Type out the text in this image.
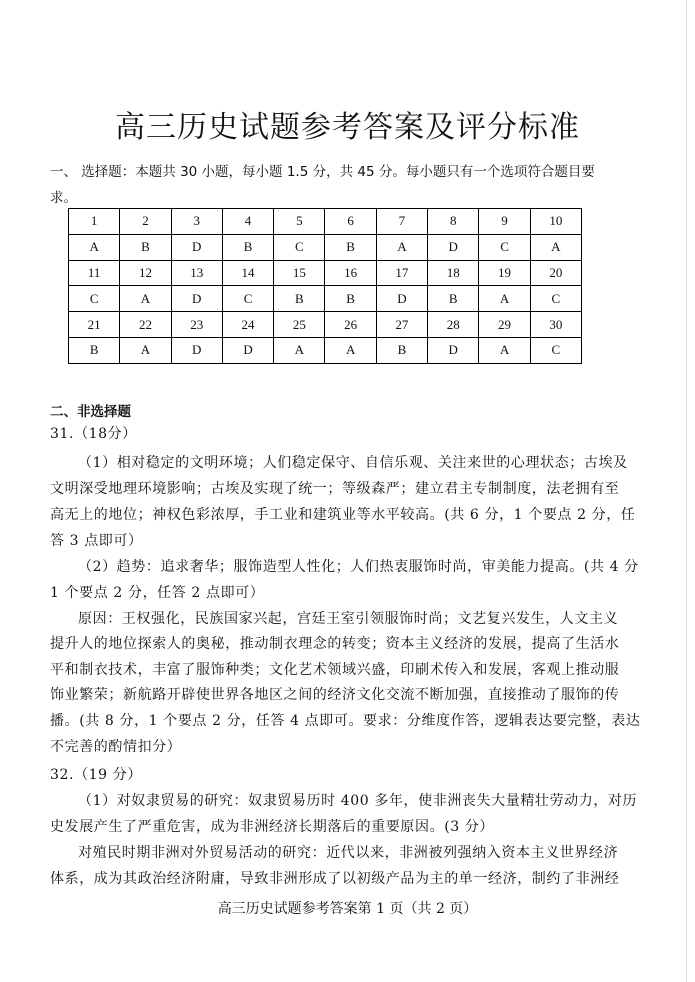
高三历史试题参考答案及评分标准
一、 选择题：本题共 30 小题，每小题 1.5 分，共 45 分。每小题只有一个选项符合题目要
求。
1	2	3	4	5	6	7	8	9	10
A	B	D	B	C	B	A	D	C	A
11	12	13	14	15	16	17	18	19	20
C	A	D	C	B	B	D	B	A	C
21	22	23	24	25	26	27	28	29	30
B	A	D	D	A	A	B	D	A	C
二、非选择题
31.（18分）
（1）相对稳定的文明环境；人们稳定保守、自信乐观、关注来世的心理状态；古埃及
文明深受地理环境影响；古埃及实现了统一；等级森严；建立君主专制制度，法老拥有至
高无上的地位；神权色彩浓厚，手工业和建筑业等水平较高。(共 6 分，1 个要点 2 分，任
答 3 点即可）
（2）趋势：追求奢华；服饰造型人性化；人们热衷服饰时尚，审美能力提高。(共 4 分
1 个要点 2 分，任答 2 点即可）
原因：王权强化，民族国家兴起，宫廷王室引领服饰时尚；文艺复兴发生，人文主义
提升人的地位探索人的奥秘，推动制衣理念的转变；资本主义经济的发展，提高了生活水
平和制衣技术，丰富了服饰种类；文化艺术领域兴盛，印刷术传入和发展，客观上推动服
饰业繁荣；新航路开辟使世界各地区之间的经济文化交流不断加强，直接推动了服饰的传
播。(共 8 分，1 个要点 2 分，任答 4 点即可。要求：分维度作答，逻辑表达要完整，表达
不完善的酌情扣分）
32.（19 分）
（1）对奴隶贸易的研究：奴隶贸易历时 400 多年，使非洲丧失大量精壮劳动力，对历
史发展产生了严重危害，成为非洲经济长期落后的重要原因。(3 分）
对殖民时期非洲对外贸易活动的研究：近代以来，非洲被列强纳入资本主义世界经济
体系，成为其政治经济附庸，导致非洲形成了以初级产品为主的单一经济，制约了非洲经
高三历史试题参考答案第 1 页（共 2 页）
